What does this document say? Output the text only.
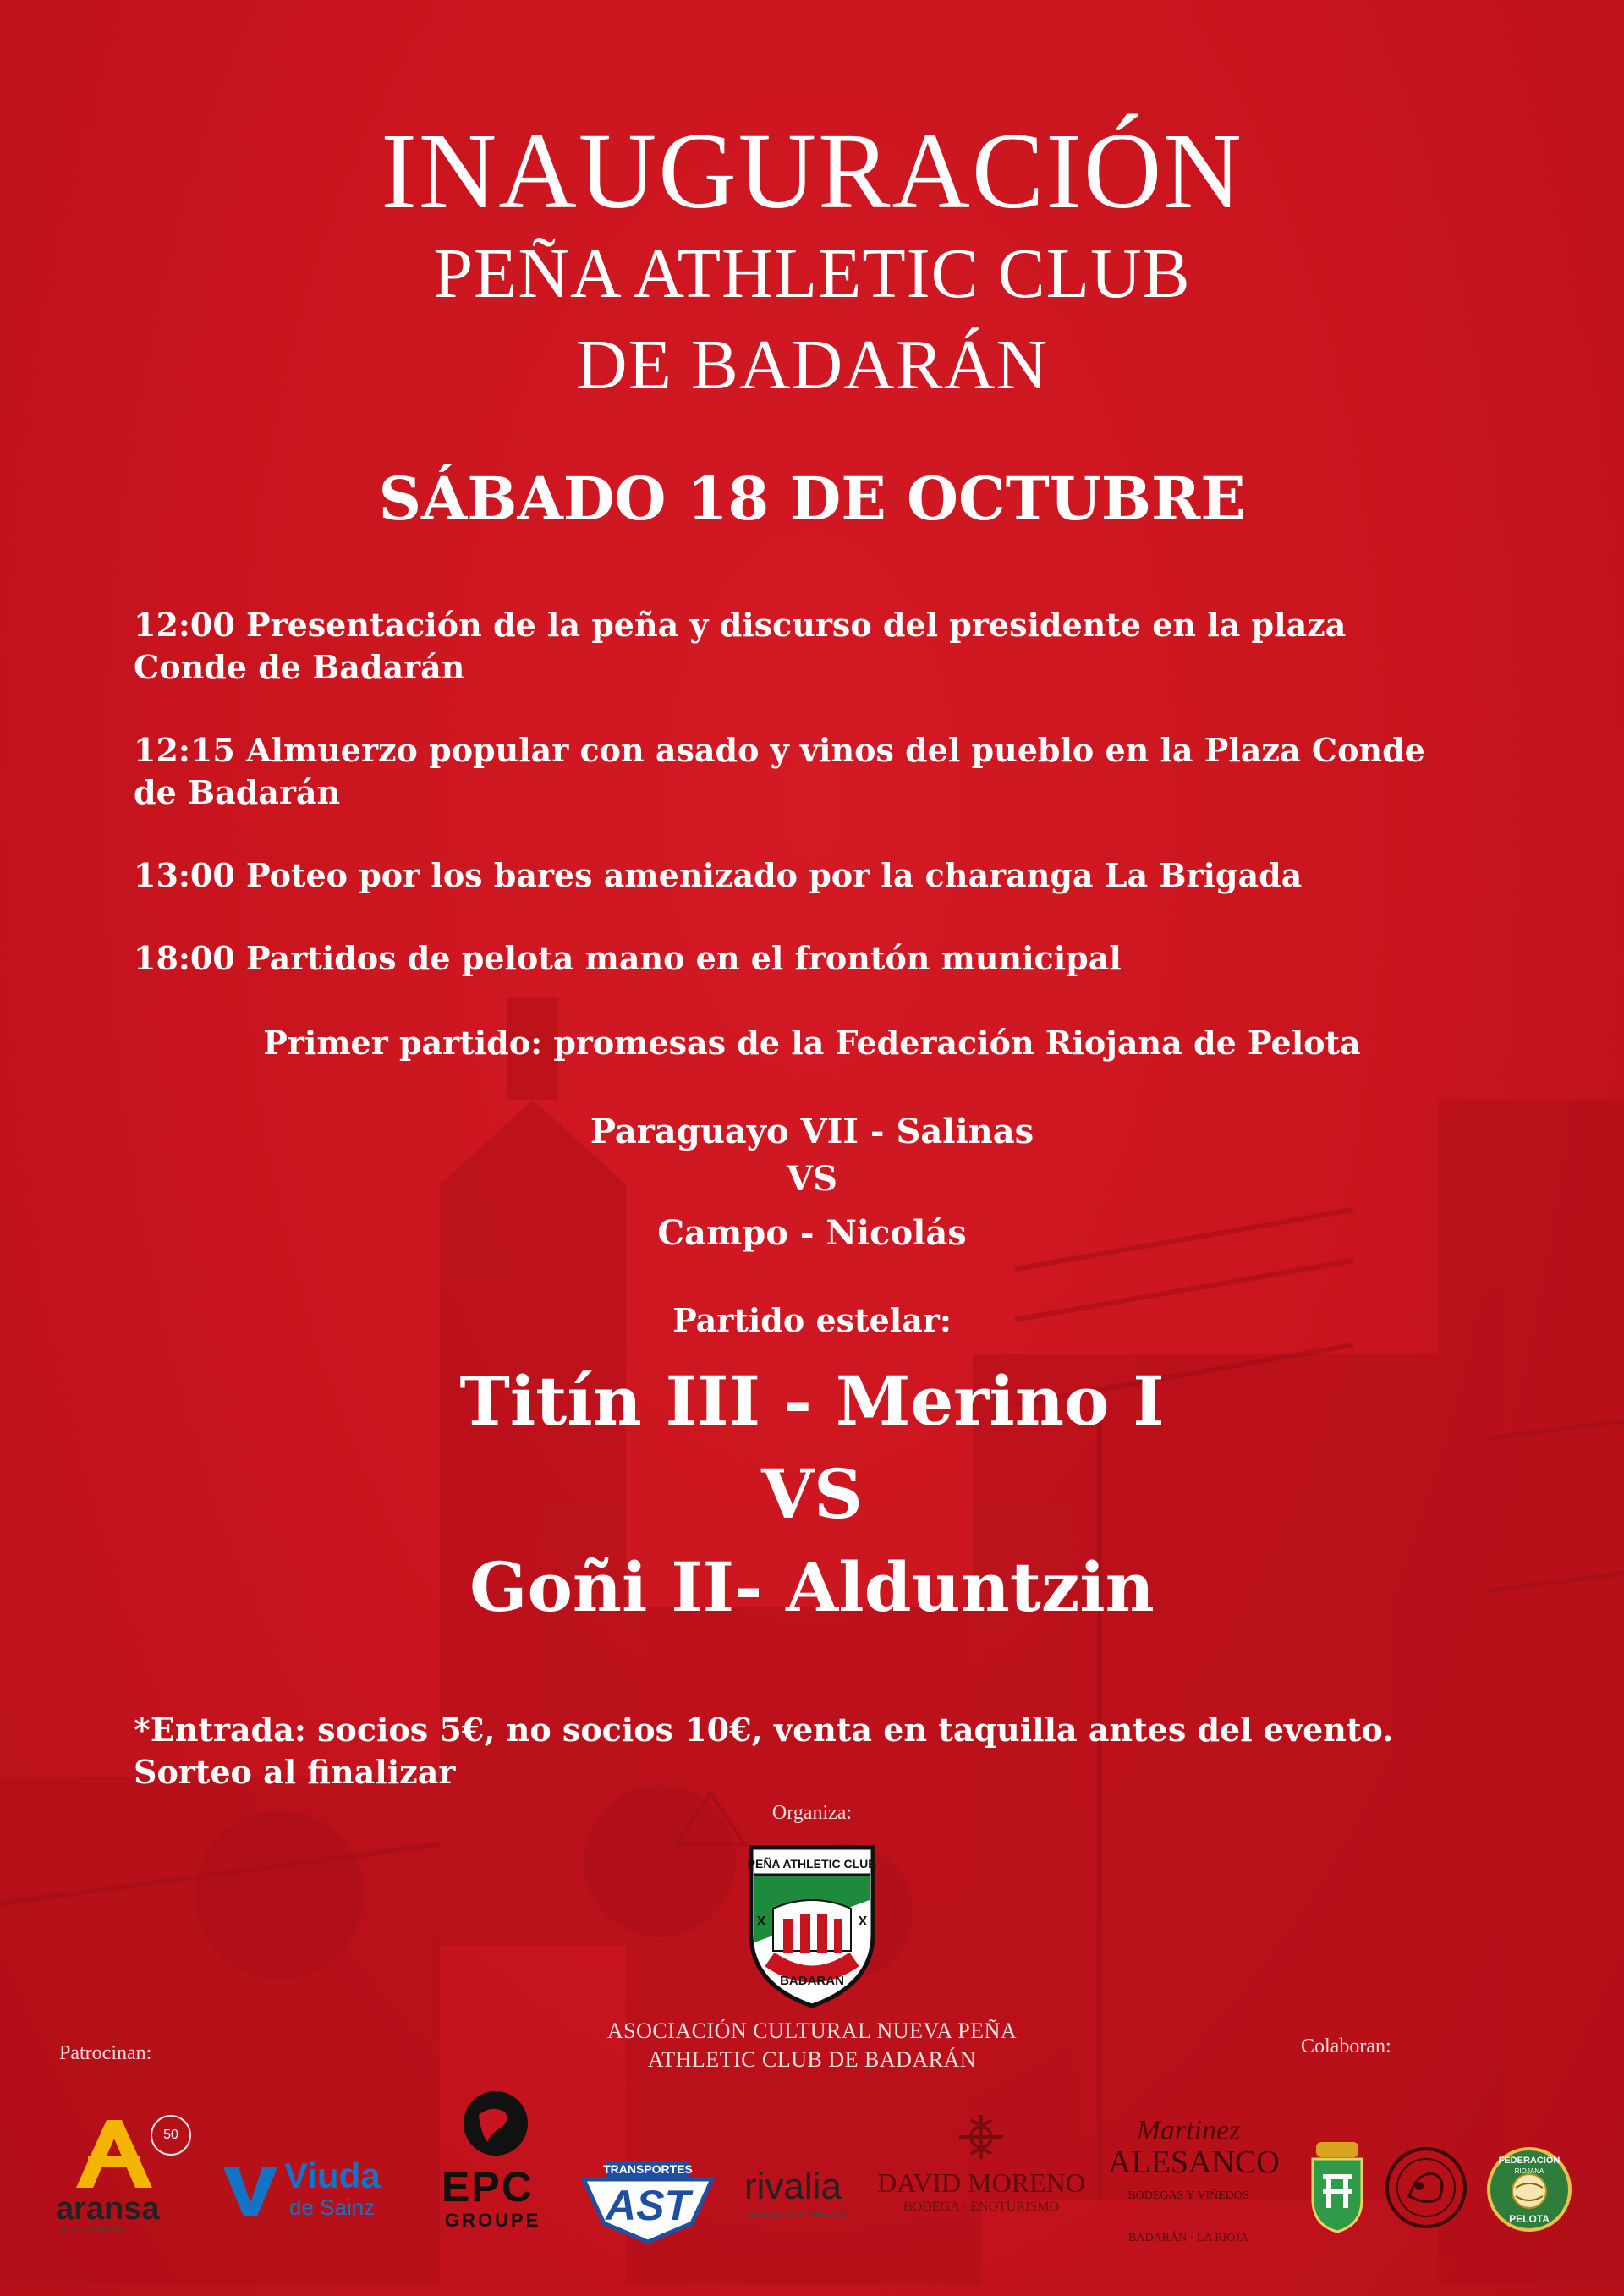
INAUGURACIÓN
PEÑA ATHLETIC CLUB
DE BADARÁN
SÁBADO 18 DE OCTUBRE
12:00 Presentación de la peña y discurso del presidente en la plaza
Conde de Badarán
12:15 Almuerzo popular con asado y vinos del pueblo en la Plaza Conde
de Badarán
13:00 Poteo por los bares amenizado por la charanga La Brigada
18:00 Partidos de pelota mano en el frontón municipal
Primer partido: promesas de la Federación Riojana de Pelota
Paraguayo VII - Salinas
VS
Campo - Nicolás
Partido estelar:
Titín III - Merino I
VS
Goñi II- Alduntzin
*Entrada: socios 5€, no socios 10€, venta en taquilla antes del evento.
Sorteo al finalizar
Organiza:
PEÑA ATHLETIC CLUB
X	X
BADARAN
ASOCIACIÓN CULTURAL NUEVA PEÑA
ATHLETIC CLUB DE BADARÁN
Patrocinan:	Colaboran:
50
aransa
GRUPO EMPRESARIAL
Viuda
de Sainz EPC
GROUPE
TRANSPORTES
AST	rivalia
BODEGAS Y VIÑEDOS
DAVID MORENO
BODEGA · ENOTURISMO
Martinez
ALESANCO
BODEGAS Y VIÑEDOS
BADARÁN · LA RIOJA
FEDERACIÓN
RIOJANA
PELOTA
